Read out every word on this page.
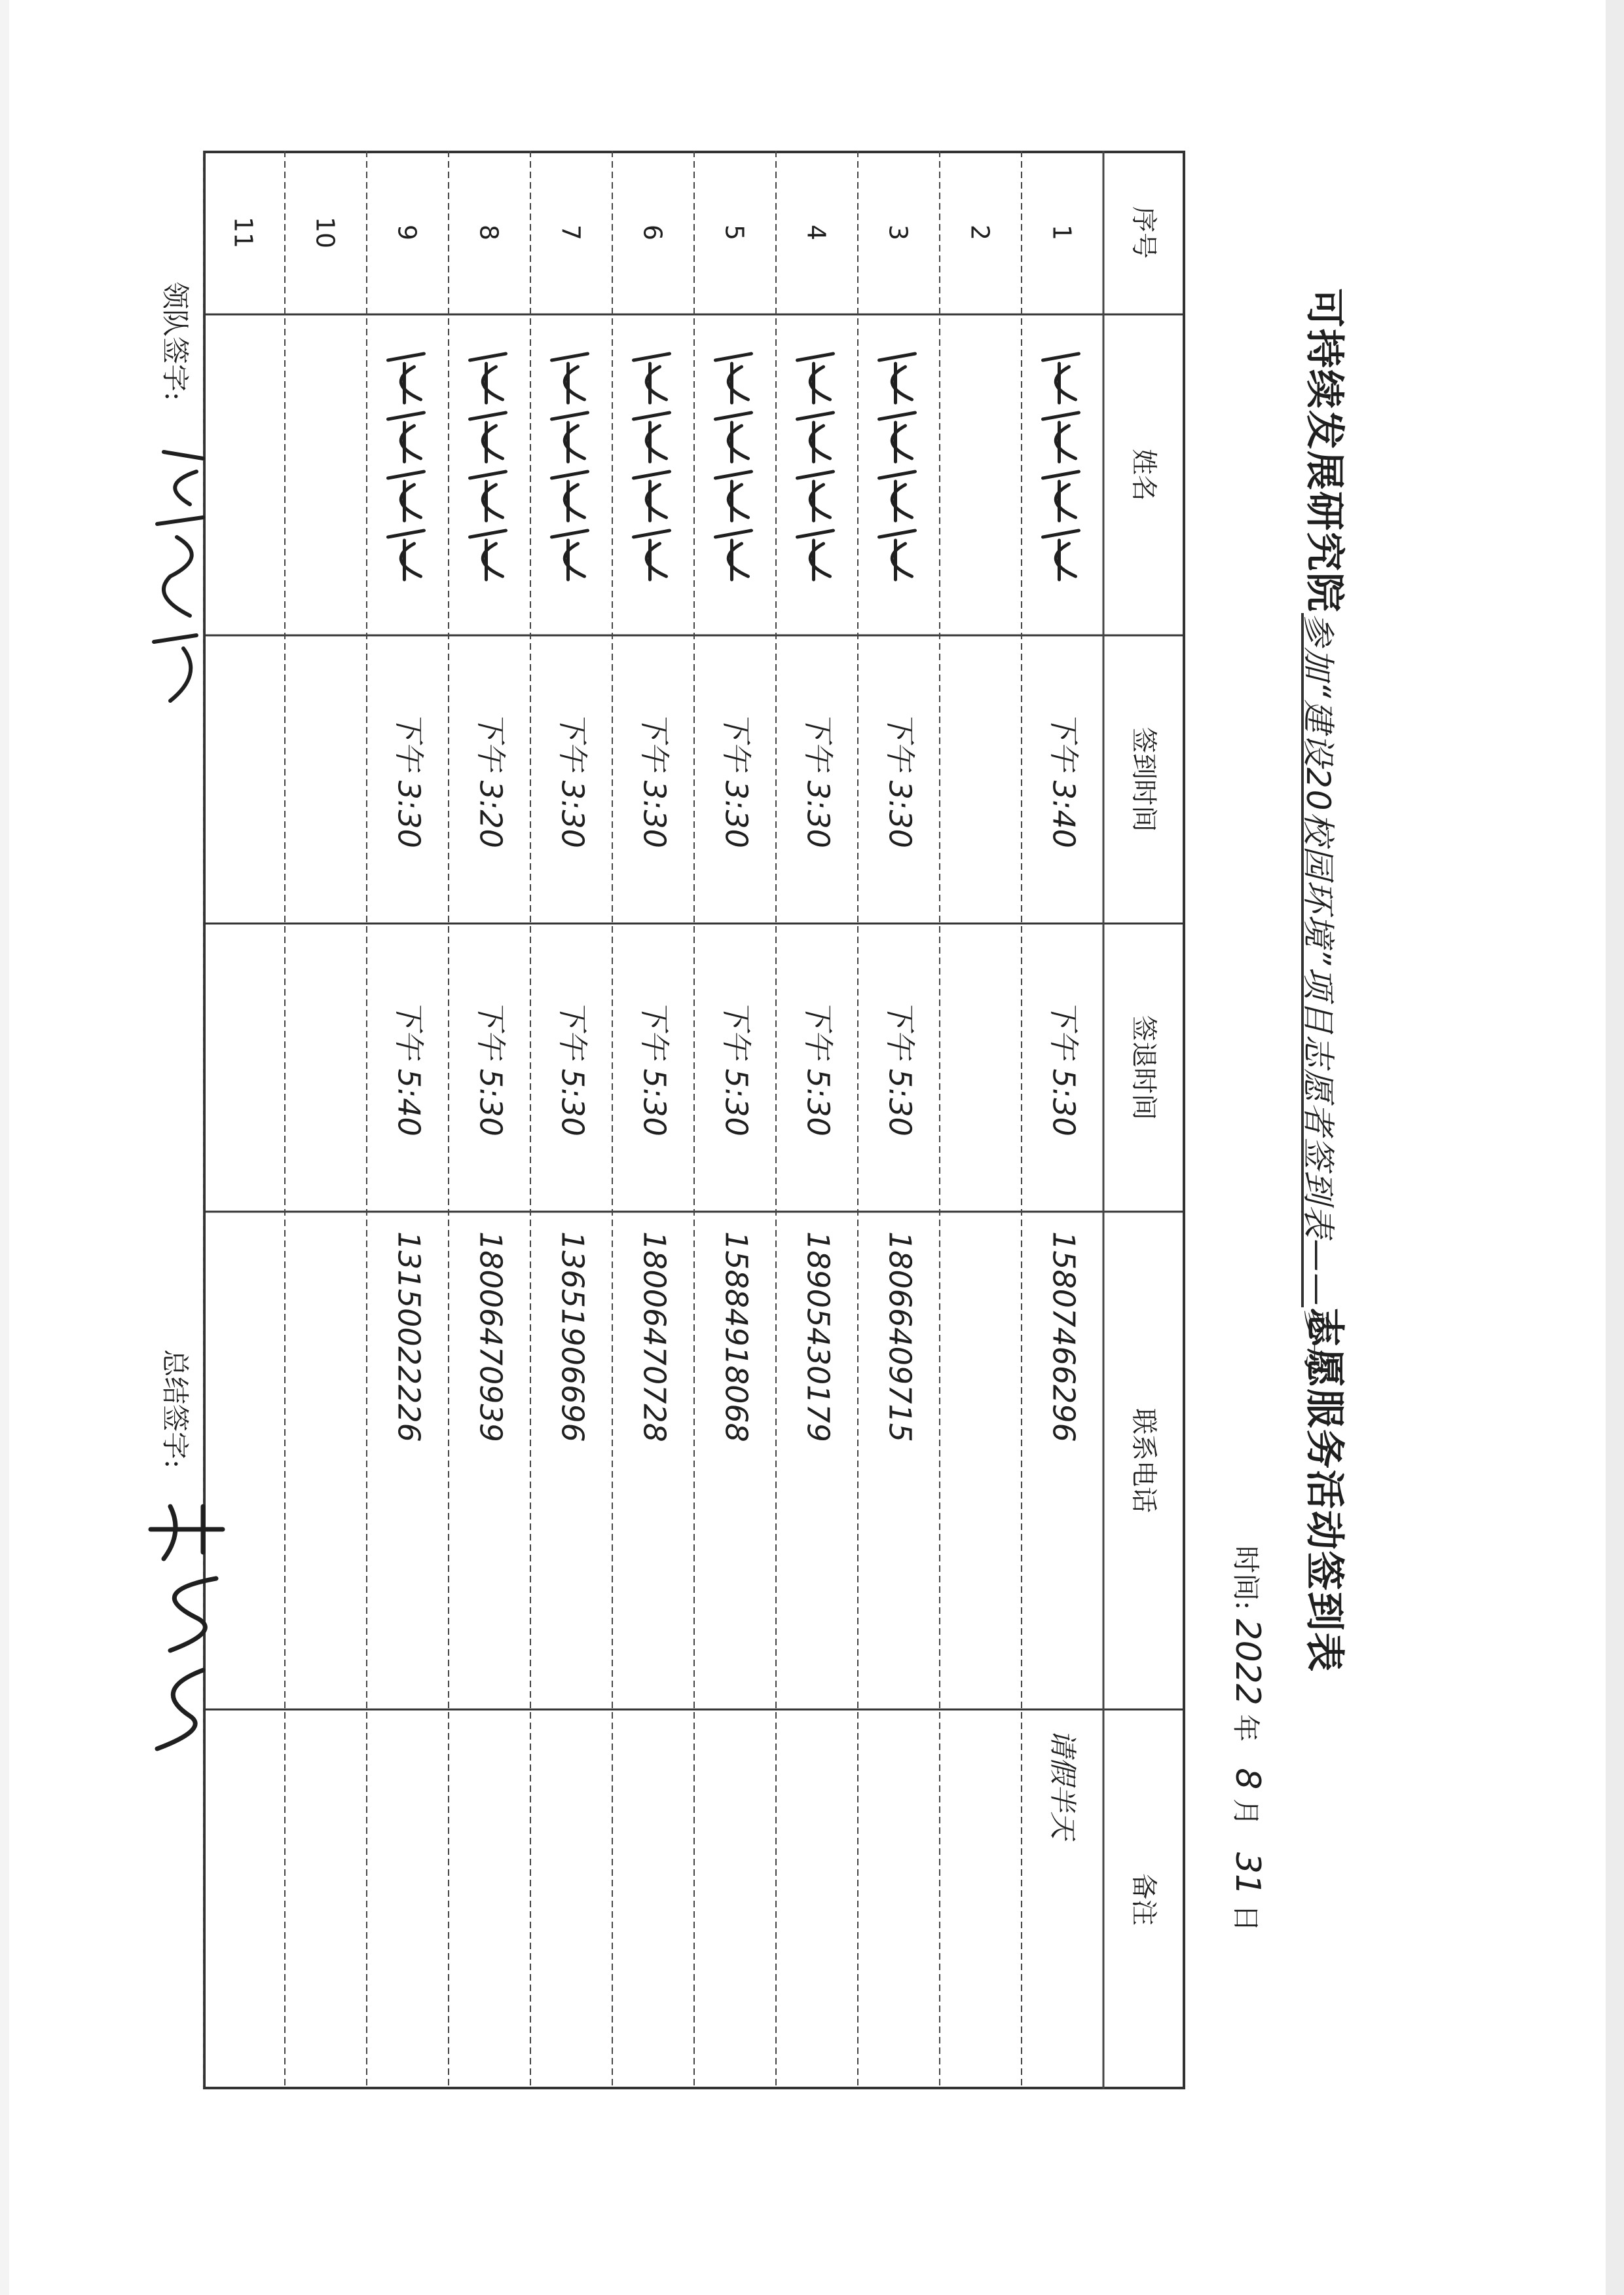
可持续发展研究院参加“建设20校园环境”项目志愿者签到表——参与志愿服务活动签到表
时间: 2022 年   8 月   31 日
序号
姓名
签到时间
签退时间
联系电话
备注
1
下午 3:40
下午 5:30
15807466296
请假半天
2
3
下午 3:30
下午 5:30
18066409715
4
下午 3:30
下午 5:30
18905430179
5
下午 3:30
下午 5:30
15884918068
6
下午 3:30
下午 5:30
18006470728
7
下午 3:30
下午 5:30
13651906696
8
下午 3:20
下午 5:30
18006470939
9
下午 3:30
下午 5:40
13150022226
10
11
领队签字:
总结签字:
